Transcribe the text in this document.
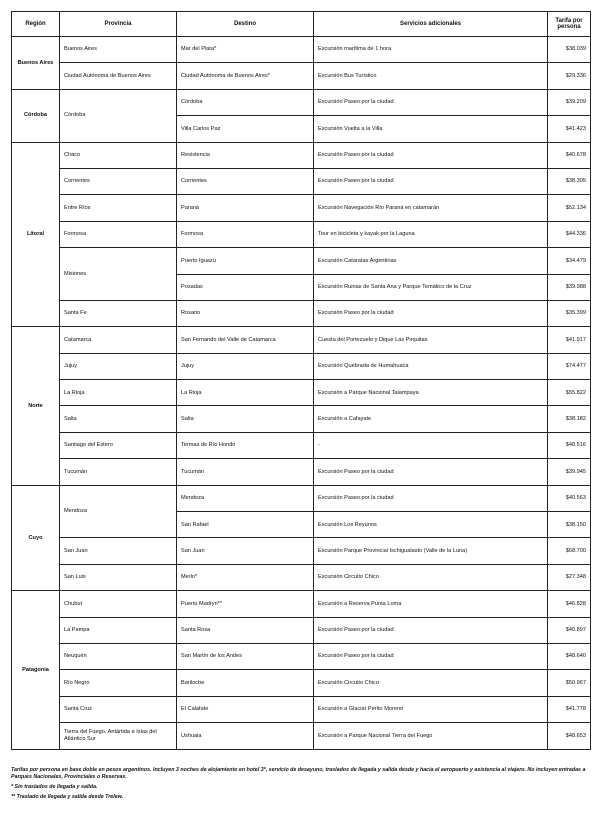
Región	Provincia	Destino	Servicios adicionales	Tarifa por persona
Buenos Aires	Buenos Aires	Mar del Plata*	Excursión marítima de 1 hora	$38.039
	Ciudad Autónoma de Buenos Aires	Ciudad Autónoma de Buenos Aires*	Excursión Bus Turístico	$29.336
Córdoba	Córdoba	Córdoba	Excursión Paseo por la ciudad	$39.209
		Villa Carlos Paz	Excursión Vuelta a la Villa	$41.423
Litoral	Chaco	Resistencia	Excursión Paseo por la ciudad	$40.678
	Corrientes	Corrientes	Excursión Paseo por la ciudad	$38.305
	Entre Ríos	Paraná	Excursión Navegación Río Paraná en catamarán	$52.134
	Formosa	Formosa	Tour en bicicleta y kayak por la Laguna	$44.336
	Misiones	Puerto Iguazú	Excursión Cataratas Argentinas	$34.479
		Posadas	Excursión Ruinas de Santa Ana y Parque Temático de la Cruz	$39.988
	Santa Fe	Rosario	Excursión Paseo por la ciudad	$35.399
Norte	Catamarca	San Fernando del Valle de Catamarca	Cuesta del Portezuelo y Dique Las Pirquitas	$41.917
	Jujuy	Jujuy	Excursión Quebrada de Humahuaca	$74.477
	La Rioja	La Rioja	Excursión a Parque Nacional Talampaya	$55.822
	Salta	Salta	Excursión a Cafayate	$38.182
	Santiago del Estero	Termas de Río Hondo	-	$48.516
	Tucumán	Tucumán	Excursión Paseo por la ciudad	$39.945
Cuyo	Mendoza	Mendoza	Excursión Paseo por la ciudad	$40.563
		San Rafael	Excursión Los Reyunos	$38.150
	San Juan	San Juan	Excursión Parque Provincial Ischigualasto (Valle de la Luna)	$68.700
	San Luis	Merlo*	Excursión Circuito Chico	$27.348
Patagonia	Chubut	Puerto Madryn**	Excursión a Reserva Punta Loma	$46.828
	La Pampa	Santa Rosa	Excursión Paseo por la ciudad	$40.897
	Neuquén	San Martín de los Andes	Excursión Paseo por la ciudad	$48.640
	Río Negro	Bariloche	Excursión Circuito Chico	$50.967
	Santa Cruz	El Calafate	Excursión a Glaciar Perito Moreno	$41.778
	Tierra del Fuego, Antártida e Islas del Atlántico Sur	Ushuaia	Excursión a Parque Nacional Tierra del Fuego	$48.653

Tarifas por persona en base doble en pesos argentinos. Incluyen 3 noches de alojamiento en hotel 3*, servicio de desayuno, traslados de llegada y salida desde y hacia el aeropuerto y asistencia al viajero. No incluyen entradas a Parques Nacionales, Provinciales o Reservas.

* Sin traslados de llegada y salida.

** Traslado de llegada y salida desde Trelew.
